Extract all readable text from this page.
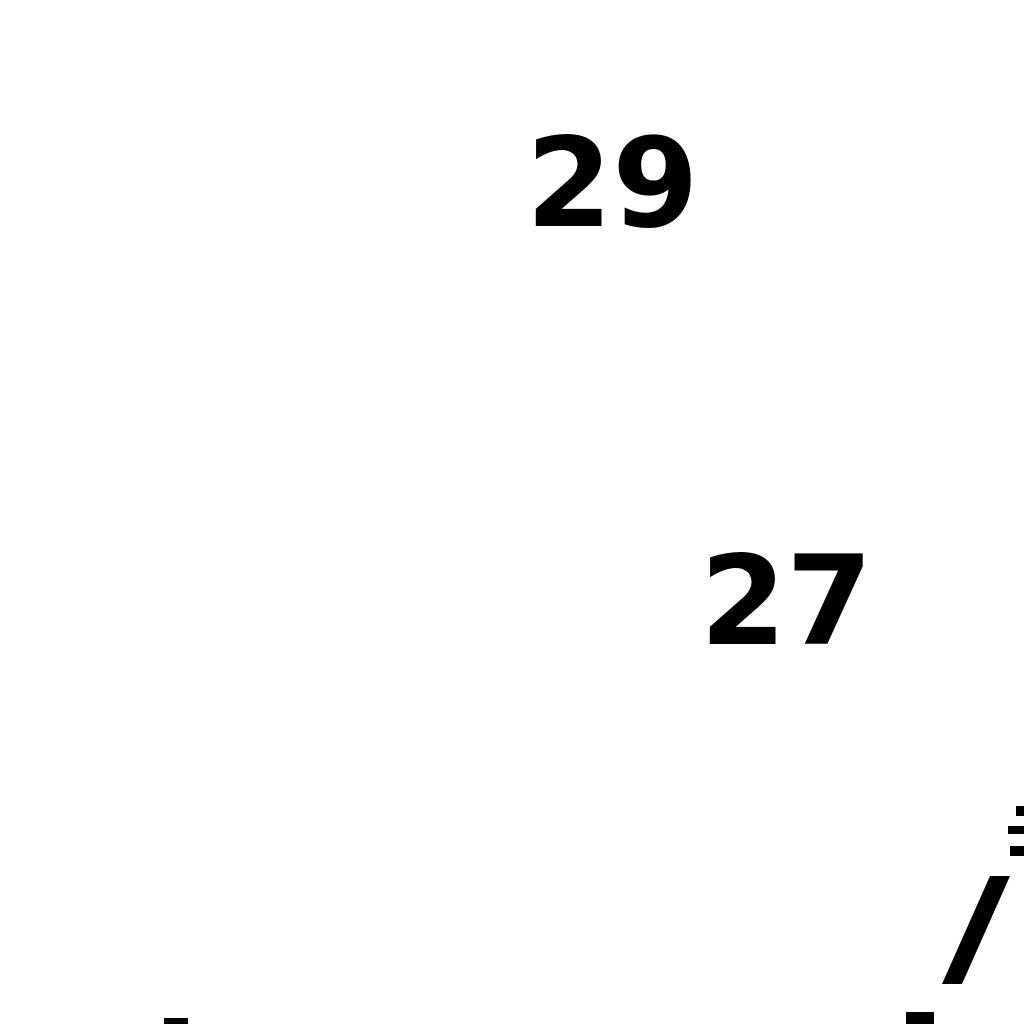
29
27
